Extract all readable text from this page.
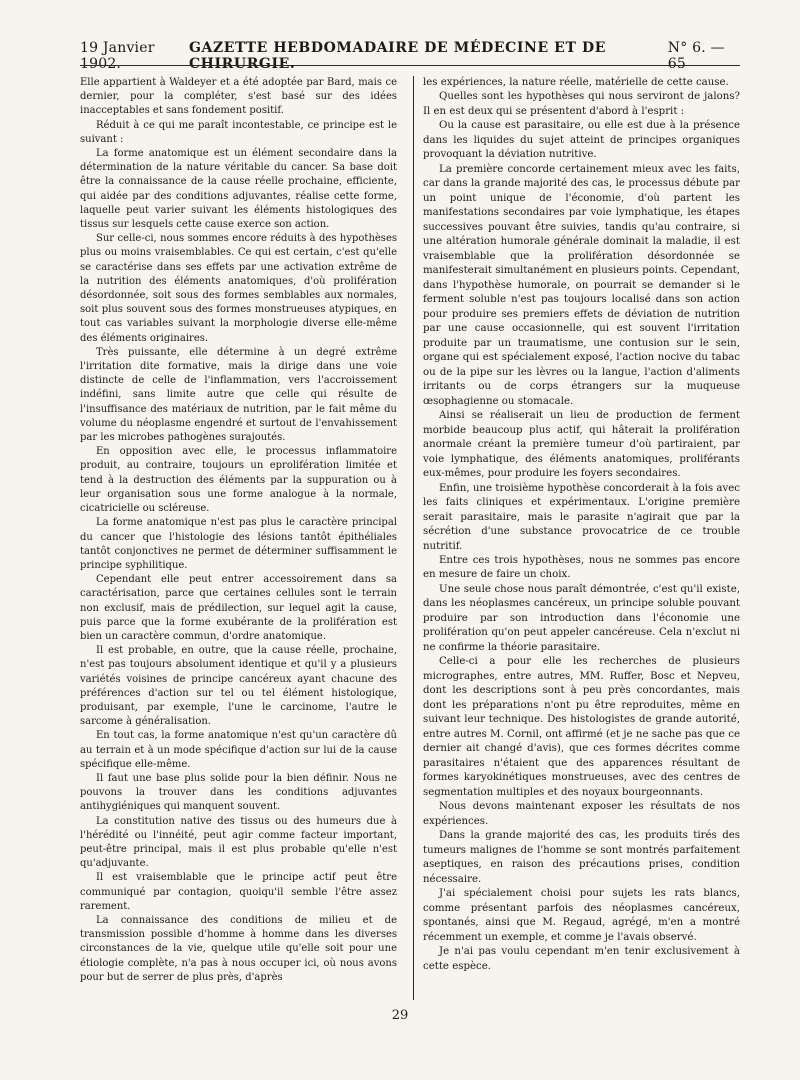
19 Janvier 1902.
GAZETTE HEBDOMADAIRE DE MÉDECINE ET DE CHIRURGIE.
N° 6. — 65

Elle appartient à Waldeyer et a été adoptée par Bard, mais ce dernier, pour la compléter, s'est basé sur des idées inacceptables et sans fondement positif.

Réduit à ce qui me paraît incontestable, ce principe est le suivant :

La forme anatomique est un élément secondaire dans la détermination de la nature véritable du cancer. Sa base doit être la connaissance de la cause réelle prochaine, efficiente, qui aidée par des conditions adjuvantes, réalise cette forme, laquelle peut varier suivant les éléments histologiques des tissus sur lesquels cette cause exerce son action.

Sur celle-ci, nous sommes encore réduits à des hypothèses plus ou moins vraisemblables. Ce qui est certain, c'est qu'elle se caractérise dans ses effets par une activation extrême de la nutrition des éléments anatomiques, d'où prolifération désordonnée, soit sous des formes semblables aux normales, soit plus souvent sous des formes monstrueuses atypiques, en tout cas variables suivant la morphologie diverse elle-même des éléments originaires.

Très puissante, elle détermine à un degré extrême l'irritation dite formative, mais la dirige dans une voie distincte de celle de l'inflammation, vers l'accroissement indéfini, sans limite autre que celle qui résulte de l'insuffisance des matériaux de nutrition, par le fait même du volume du néoplasme engendré et surtout de l'envahissement par les microbes pathogènes surajoutés.

En opposition avec elle, le processus inflammatoire produit, au contraire, toujours un eprolifération limitée et tend à la destruction des éléments par la suppuration ou à leur organisation sous une forme analogue à la normale, cicatricielle ou scléreuse.

La forme anatomique n'est pas plus le caractère principal du cancer que l'histologie des lésions tantôt épithéliales tantôt conjonctives ne permet de déterminer suffisamment le principe syphilitique.

Cependant elle peut entrer accessoirement dans sa caractérisation, parce que certaines cellules sont le terrain non exclusif, mais de prédilection, sur lequel agit la cause, puis parce que la forme exubérante de la prolifération est bien un caractère commun, d'ordre anatomique.

Il est probable, en outre, que la cause réelle, prochaine, n'est pas toujours absolument identique et qu'il y a plusieurs variétés voisines de principe cancéreux ayant chacune des préférences d'action sur tel ou tel élément histologique, produisant, par exemple, l'une le carcinome, l'autre le sarcome à généralisation.

En tout cas, la forme anatomique n'est qu'un caractère dû au terrain et à un mode spécifique d'action sur lui de la cause spécifique elle-même.

Il faut une base plus solide pour la bien définir. Nous ne pouvons la trouver dans les conditions adjuvantes antihygiéniques qui manquent souvent.

La constitution native des tissus ou des humeurs due à l'hérédité ou l'innéité, peut agir comme facteur important, peut-être principal, mais il est plus probable qu'elle n'est qu'adjuvante.

Il est vraisemblable que le principe actif peut être communiqué par contagion, quoiqu'il semble l'être assez rarement.

La connaissance des conditions de milieu et de transmission possible d'homme à homme dans les diverses circonstances de la vie, quelque utile qu'elle soit pour une étiologie complète, n'a pas à nous occuper ici, où nous avons pour but de serrer de plus près, d'après

les expériences, la nature réelle, matérielle de cette cause.

Quelles sont les hypothèses qui nous serviront de jalons? Il en est deux qui se présentent d'abord à l'esprit :

Ou la cause est parasitaire, ou elle est due à la présence dans les liquides du sujet atteint de principes organiques provoquant la déviation nutritive.

La première concorde certainement mieux avec les faits, car dans la grande majorité des cas, le processus débute par un point unique de l'économie, d'où partent les manifestations secondaires par voie lymphatique, les étapes successives pouvant être suivies, tandis qu'au contraire, si une altération humorale générale dominait la maladie, il est vraisemblable que la prolifération désordonnée se manifesterait simultanément en plusieurs points. Cependant, dans l'hypothèse humorale, on pourrait se demander si le ferment soluble n'est pas toujours localisé dans son action pour produire ses premiers effets de déviation de nutrition par une cause occasionnelle, qui est souvent l'irritation produite par un traumatisme, une contusion sur le sein, organe qui est spécialement exposé, l'action nocive du tabac ou de la pipe sur les lèvres ou la langue, l'action d'aliments irritants ou de corps étrangers sur la muqueuse œsophagienne ou stomacale.

Ainsi se réaliserait un lieu de production de ferment morbide beaucoup plus actif, qui hâterait la prolifération anormale créant la première tumeur d'où partiraient, par voie lymphatique, des éléments anatomiques, proliférants eux-mêmes, pour produire les foyers secondaires.

Enfin, une troisième hypothèse concorderait à la fois avec les faits cliniques et expérimentaux. L'origine première serait parasitaire, mais le parasite n'agirait que par la sécrétion d'une substance provocatrice de ce trouble nutritif.

Entre ces trois hypothèses, nous ne sommes pas encore en mesure de faire un choix.

Une seule chose nous paraît démontrée, c'est qu'il existe, dans les néoplasmes cancéreux, un principe soluble pouvant produire par son introduction dans l'économie une prolifération qu'on peut appeler cancéreuse. Cela n'exclut ni ne confirme la théorie parasitaire.

Celle-ci a pour elle les recherches de plusieurs micrographes, entre autres, MM. Ruffer, Bosc et Nepveu, dont les descriptions sont à peu près concordantes, mais dont les préparations n'ont pu être reproduites, même en suivant leur technique. Des histologistes de grande autorité, entre autres M. Cornil, ont affirmé (et je ne sache pas que ce dernier ait changé d'avis), que ces formes décrites comme parasitaires n'étaient que des apparences résultant de formes karyokinétiques monstrueuses, avec des centres de segmentation multiples et des noyaux bourgeonnants.

Nous devons maintenant exposer les résultats de nos expériences.

Dans la grande majorité des cas, les produits tirés des tumeurs malignes de l'homme se sont montrés parfaitement aseptiques, en raison des précautions prises, condition nécessaire.

J'ai spécialement choisi pour sujets les rats blancs, comme présentant parfois des néoplasmes cancéreux, spontanés, ainsi que M. Regaud, agrégé, m'en a montré récemment un exemple, et comme je l'avais observé.

Je n'ai pas voulu cependant m'en tenir exclusivement à cette espèce.

29
